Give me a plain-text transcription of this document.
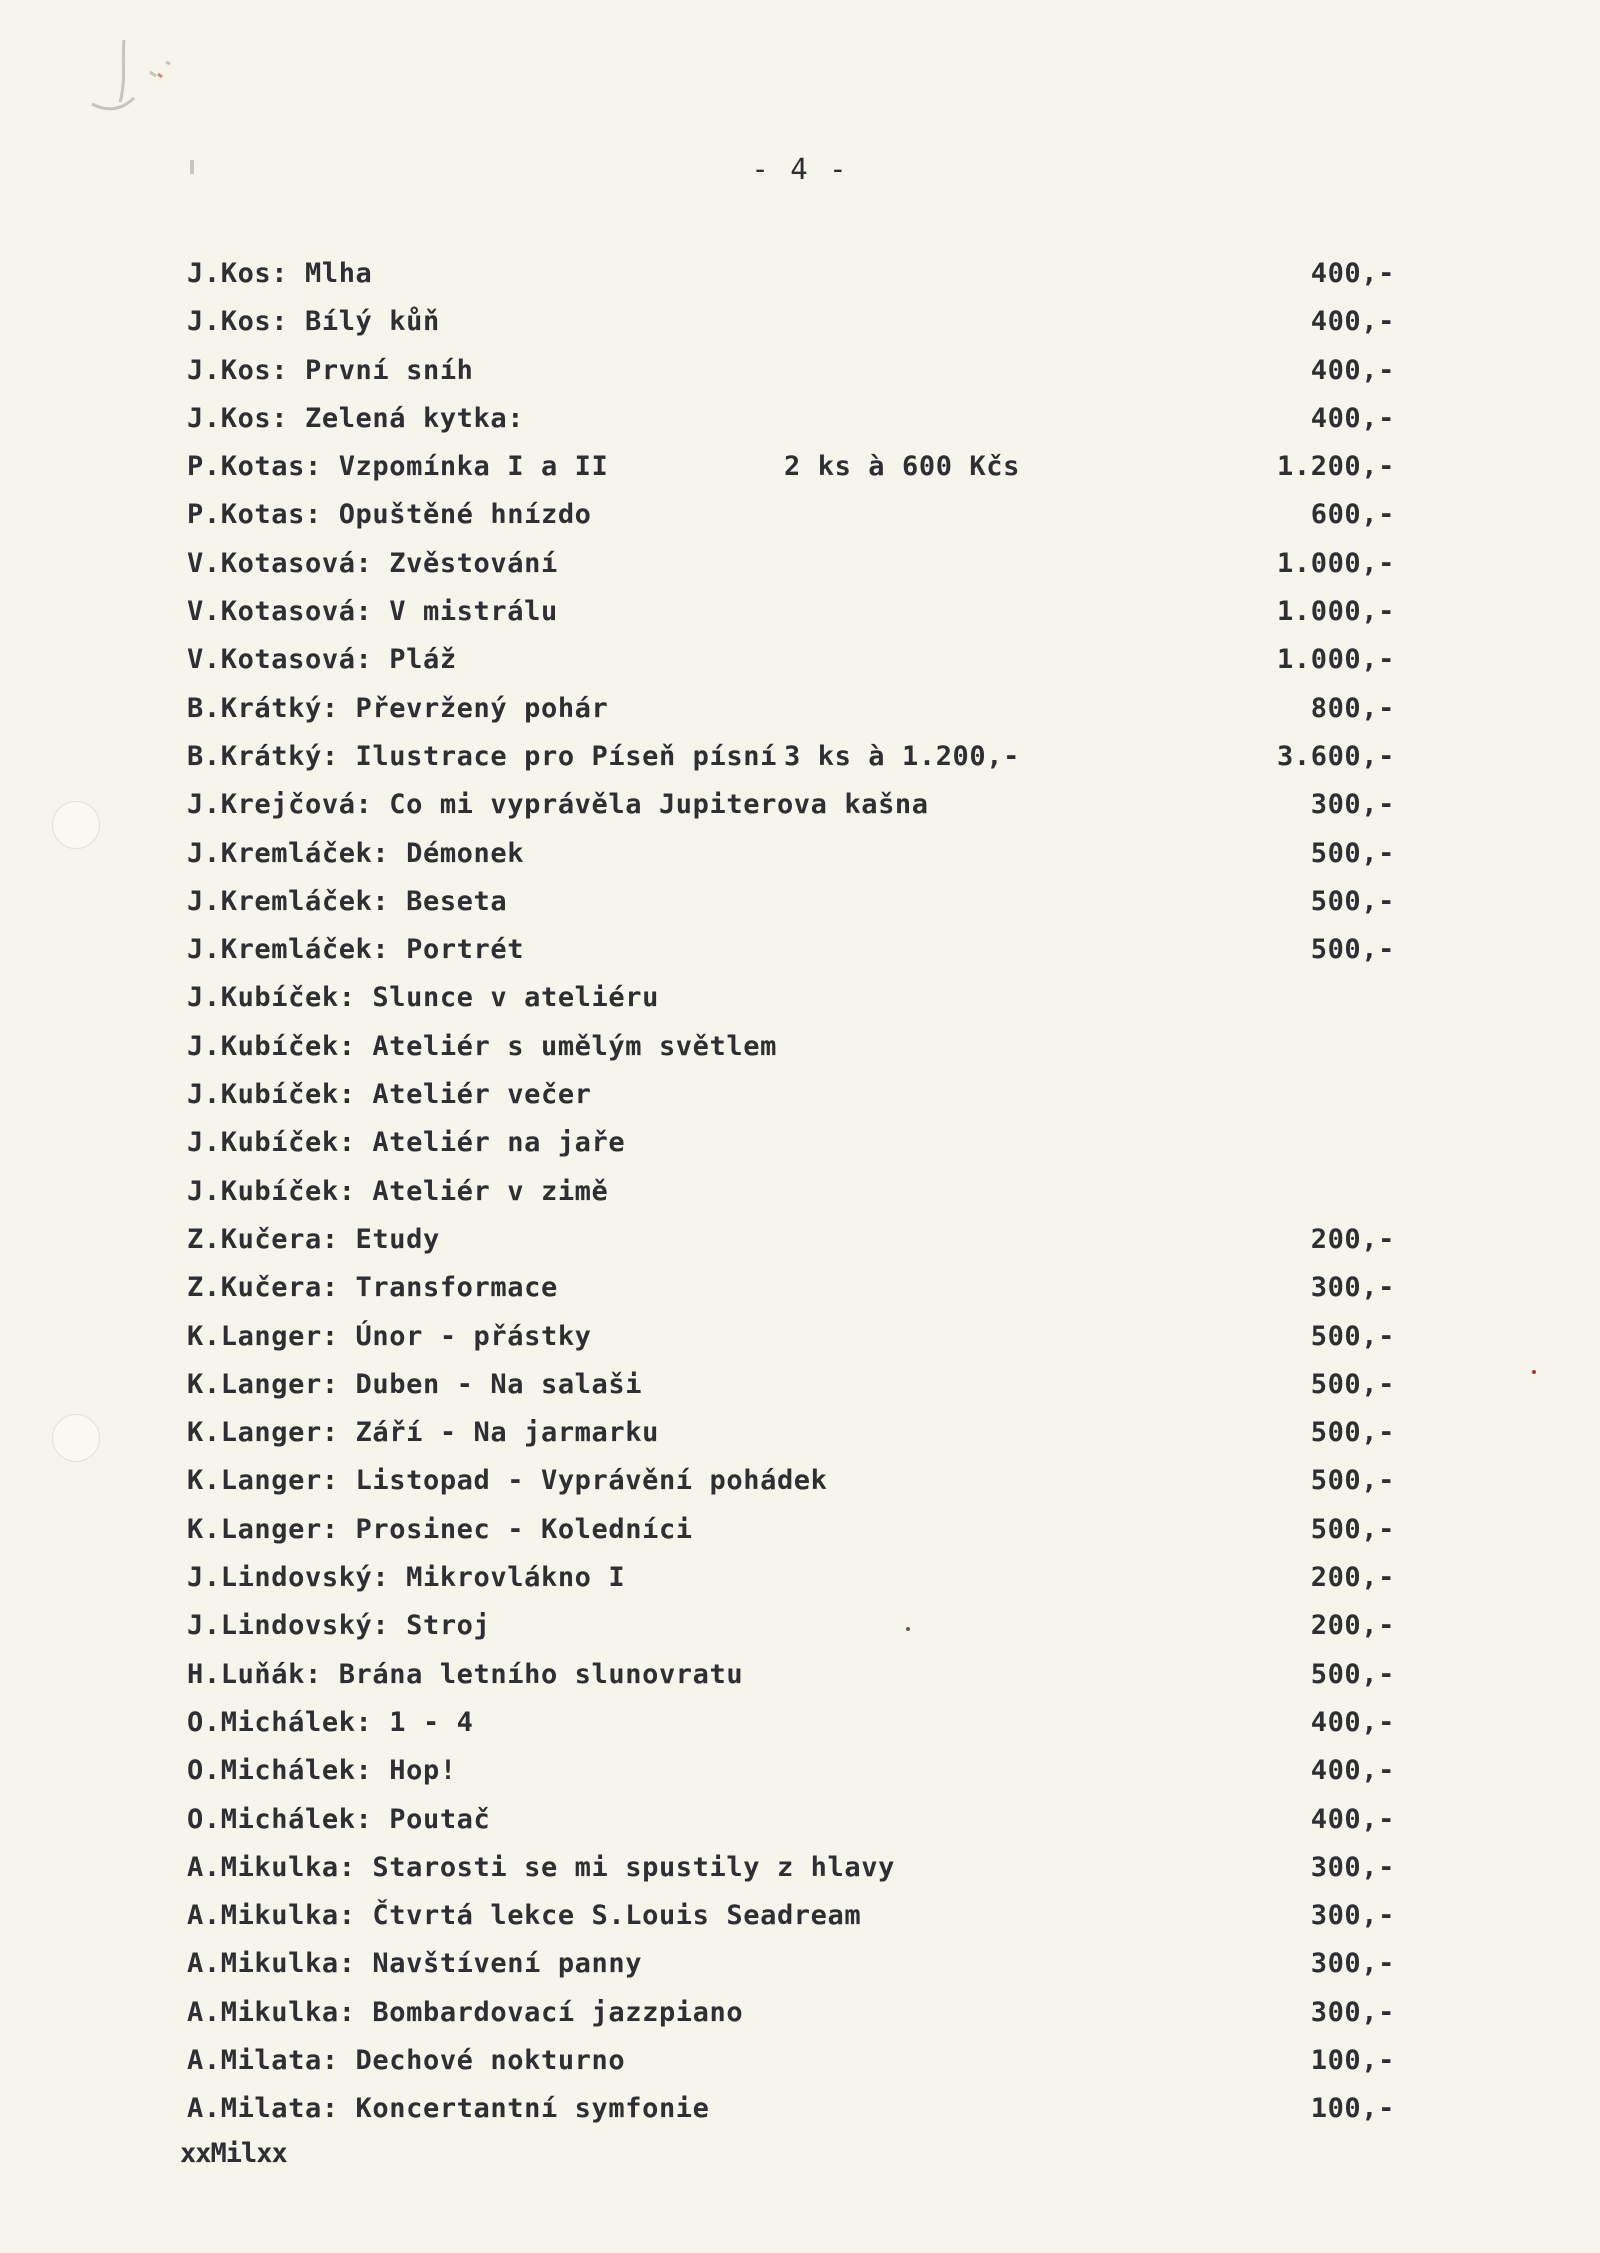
- 4 -
J.Kos: Mlha	400,-
J.Kos: Bílý kůň	400,-
J.Kos: První sníh	400,-
J.Kos: Zelená kytka:	400,-
P.Kotas: Vzpomínka I a II	2 ks à 600 Kčs	1.200,-
P.Kotas: Opuštěné hnízdo	600,-
V.Kotasová: Zvěstování	1.000,-
V.Kotasová: V mistrálu	1.000,-
V.Kotasová: Pláž	1.000,-
B.Krátký: Převržený pohár	800,-
B.Krátký: Ilustrace pro Píseň písní 3 ks à 1.200,-	3.600,-
J.Krejčová: Co mi vyprávěla Jupiterova kašna	300,-
J.Kremláček: Démonek	500,-
J.Kremláček: Beseta	500,-
J.Kremláček: Portrét	500,-
J.Kubíček: Slunce v ateliéru
J.Kubíček: Ateliér s umělým světlem
J.Kubíček: Ateliér večer
J.Kubíček: Ateliér na jaře
J.Kubíček: Ateliér v zimě
Z.Kučera: Etudy	200,-
Z.Kučera: Transformace	300,-
K.Langer: Únor - přástky	500,-
K.Langer: Duben - Na salaši	500,-
K.Langer: Září - Na jarmarku	500,-
K.Langer: Listopad - Vyprávění pohádek	500,-
K.Langer: Prosinec - Koledníci	500,-
J.Lindovský: Mikrovlákno I	200,-
J.Lindovský: Stroj	200,-
H.Luňák: Brána letního slunovratu	500,-
O.Michálek: 1 - 4	400,-
O.Michálek: Hop!	400,-
O.Michálek: Poutač	400,-
A.Mikulka: Starosti se mi spustily z hlavy	300,-
A.Mikulka: Čtvrtá lekce S.Louis Seadream	300,-
A.Mikulka: Navštívení panny	300,-
A.Mikulka: Bombardovací jazzpiano	300,-
A.Milata: Dechové nokturno	100,-
A.Milata: Koncertantní symfonie	100,-
xxMilxx
